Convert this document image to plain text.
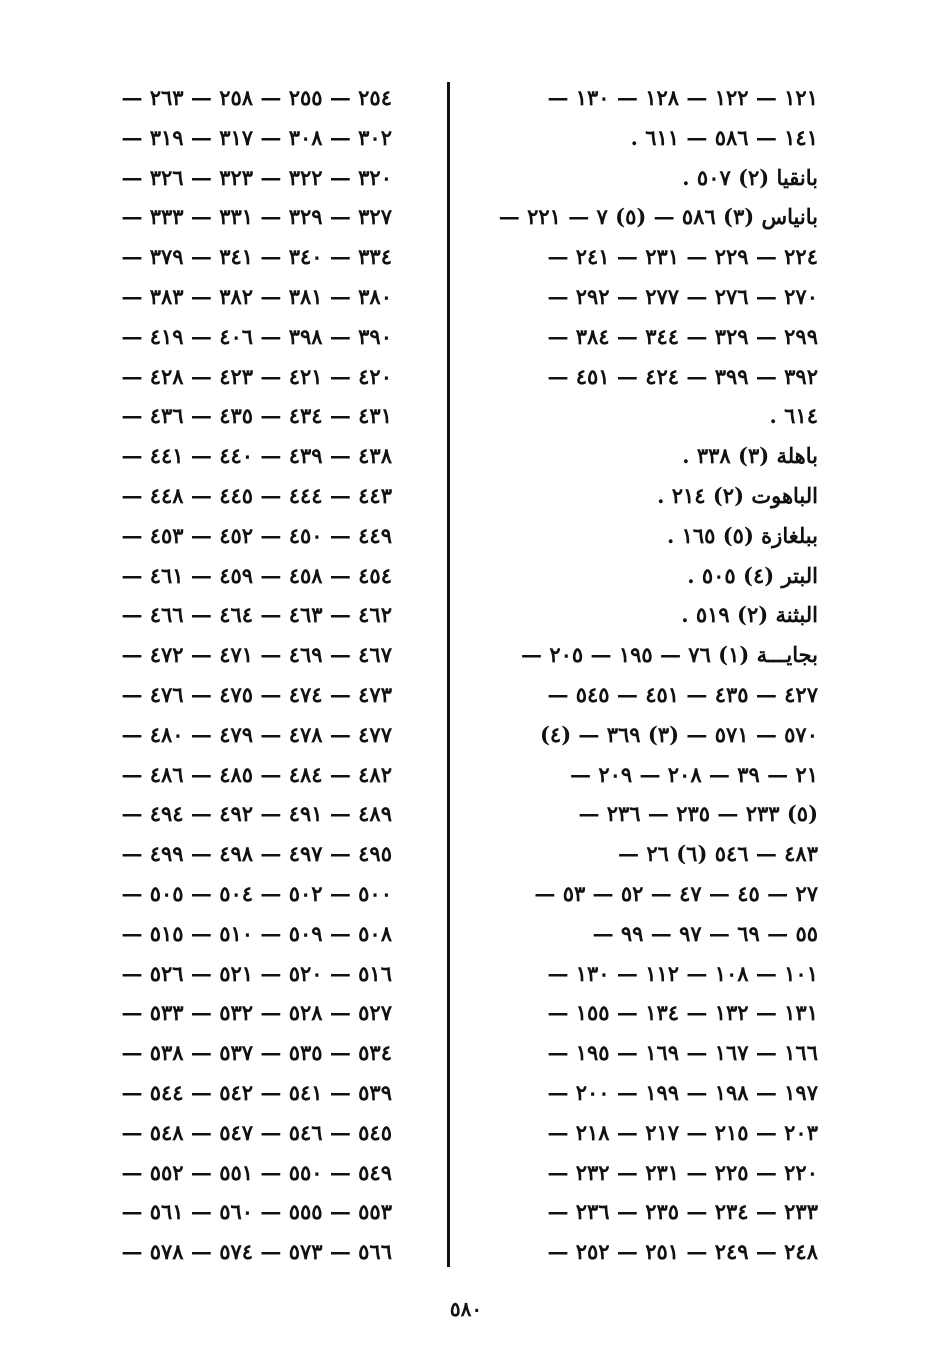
١٢١ — ١٢٢ — ١٢٨ — ١٣٠ —
١٤١ — ٥٨٦ — ٦١١ .
بانقيا (٢) ٥٠٧ .
بانياس (٣) ٥٨٦ — (٥) ٧ — ٢٢١ —
٢٢٤ — ٢٢٩ — ٢٣١ — ٢٤١ —
٢٧٠ — ٢٧٦ — ٢٧٧ — ٢٩٢ —
٢٩٩ — ٣٢٩ — ٣٤٤ — ٣٨٤ —
٣٩٢ — ٣٩٩ — ٤٢٤ — ٤٥١ —
٦١٤ .
باهلة (٣) ٣٣٨ .
الباهوت (٢) ٢١٤ .
ببلغازة (٥) ١٦٥ .
البتر (٤) ٥٠٥ .
البثنة (٢) ٥١٩ .
بجايـــة (١) ٧٦ — ١٩٥ — ٢٠٥ —
٤٢٧ — ٤٣٥ — ٤٥١ — ٥٤٥ —
٥٧٠ — ٥٧١ — (٣) ٣٦٩ — (٤)
٢١ — ٣٩ — ٢٠٨ — ٢٠٩ —
(٥) ٢٣٣ — ٢٣٥ — ٢٣٦ —
٤٨٣ — ٥٤٦ (٦) ٢٦ —
٢٧ — ٤٥ — ٤٧ — ٥٢ — ٥٣ —
٥٥ — ٦٩ — ٩٧ — ٩٩ —
١٠١ — ١٠٨ — ١١٢ — ١٣٠ —
١٣١ — ١٣٢ — ١٣٤ — ١٥٥ —
١٦٦ — ١٦٧ — ١٦٩ — ١٩٥ —
١٩٧ — ١٩٨ — ١٩٩ — ٢٠٠ —
٢٠٣ — ٢١٥ — ٢١٧ — ٢١٨ —
٢٢٠ — ٢٢٥ — ٢٣١ — ٢٣٢ —
٢٣٣ — ٢٣٤ — ٢٣٥ — ٢٣٦ —
٢٤٨ — ٢٤٩ — ٢٥١ — ٢٥٢ —
٢٥٤ — ٢٥٥ — ٢٥٨ — ٢٦٣ —
٣٠٢ — ٣٠٨ — ٣١٧ — ٣١٩ —
٣٢٠ — ٣٢٢ — ٣٢٣ — ٣٢٦ —
٣٢٧ — ٣٢٩ — ٣٣١ — ٣٣٣ —
٣٣٤ — ٣٤٠ — ٣٤١ — ٣٧٩ —
٣٨٠ — ٣٨١ — ٣٨٢ — ٣٨٣ —
٣٩٠ — ٣٩٨ — ٤٠٦ — ٤١٩ —
٤٢٠ — ٤٢١ — ٤٢٣ — ٤٢٨ —
٤٣١ — ٤٣٤ — ٤٣٥ — ٤٣٦ —
٤٣٨ — ٤٣٩ — ٤٤٠ — ٤٤١ —
٤٤٣ — ٤٤٤ — ٤٤٥ — ٤٤٨ —
٤٤٩ — ٤٥٠ — ٤٥٢ — ٤٥٣ —
٤٥٤ — ٤٥٨ — ٤٥٩ — ٤٦١ —
٤٦٢ — ٤٦٣ — ٤٦٤ — ٤٦٦ —
٤٦٧ — ٤٦٩ — ٤٧١ — ٤٧٢ —
٤٧٣ — ٤٧٤ — ٤٧٥ — ٤٧٦ —
٤٧٧ — ٤٧٨ — ٤٧٩ — ٤٨٠ —
٤٨٢ — ٤٨٤ — ٤٨٥ — ٤٨٦ —
٤٨٩ — ٤٩١ — ٤٩٢ — ٤٩٤ —
٤٩٥ — ٤٩٧ — ٤٩٨ — ٤٩٩ —
٥٠٠ — ٥٠٢ — ٥٠٤ — ٥٠٥ —
٥٠٨ — ٥٠٩ — ٥١٠ — ٥١٥ —
٥١٦ — ٥٢٠ — ٥٢١ — ٥٢٦ —
٥٢٧ — ٥٢٨ — ٥٣٢ — ٥٣٣ —
٥٣٤ — ٥٣٥ — ٥٣٧ — ٥٣٨ —
٥٣٩ — ٥٤١ — ٥٤٢ — ٥٤٤ —
٥٤٥ — ٥٤٦ — ٥٤٧ — ٥٤٨ —
٥٤٩ — ٥٥٠ — ٥٥١ — ٥٥٢ —
٥٥٣ — ٥٥٥ — ٥٦٠ — ٥٦١ —
٥٦٦ — ٥٧٣ — ٥٧٤ — ٥٧٨ —
٥٨٠
